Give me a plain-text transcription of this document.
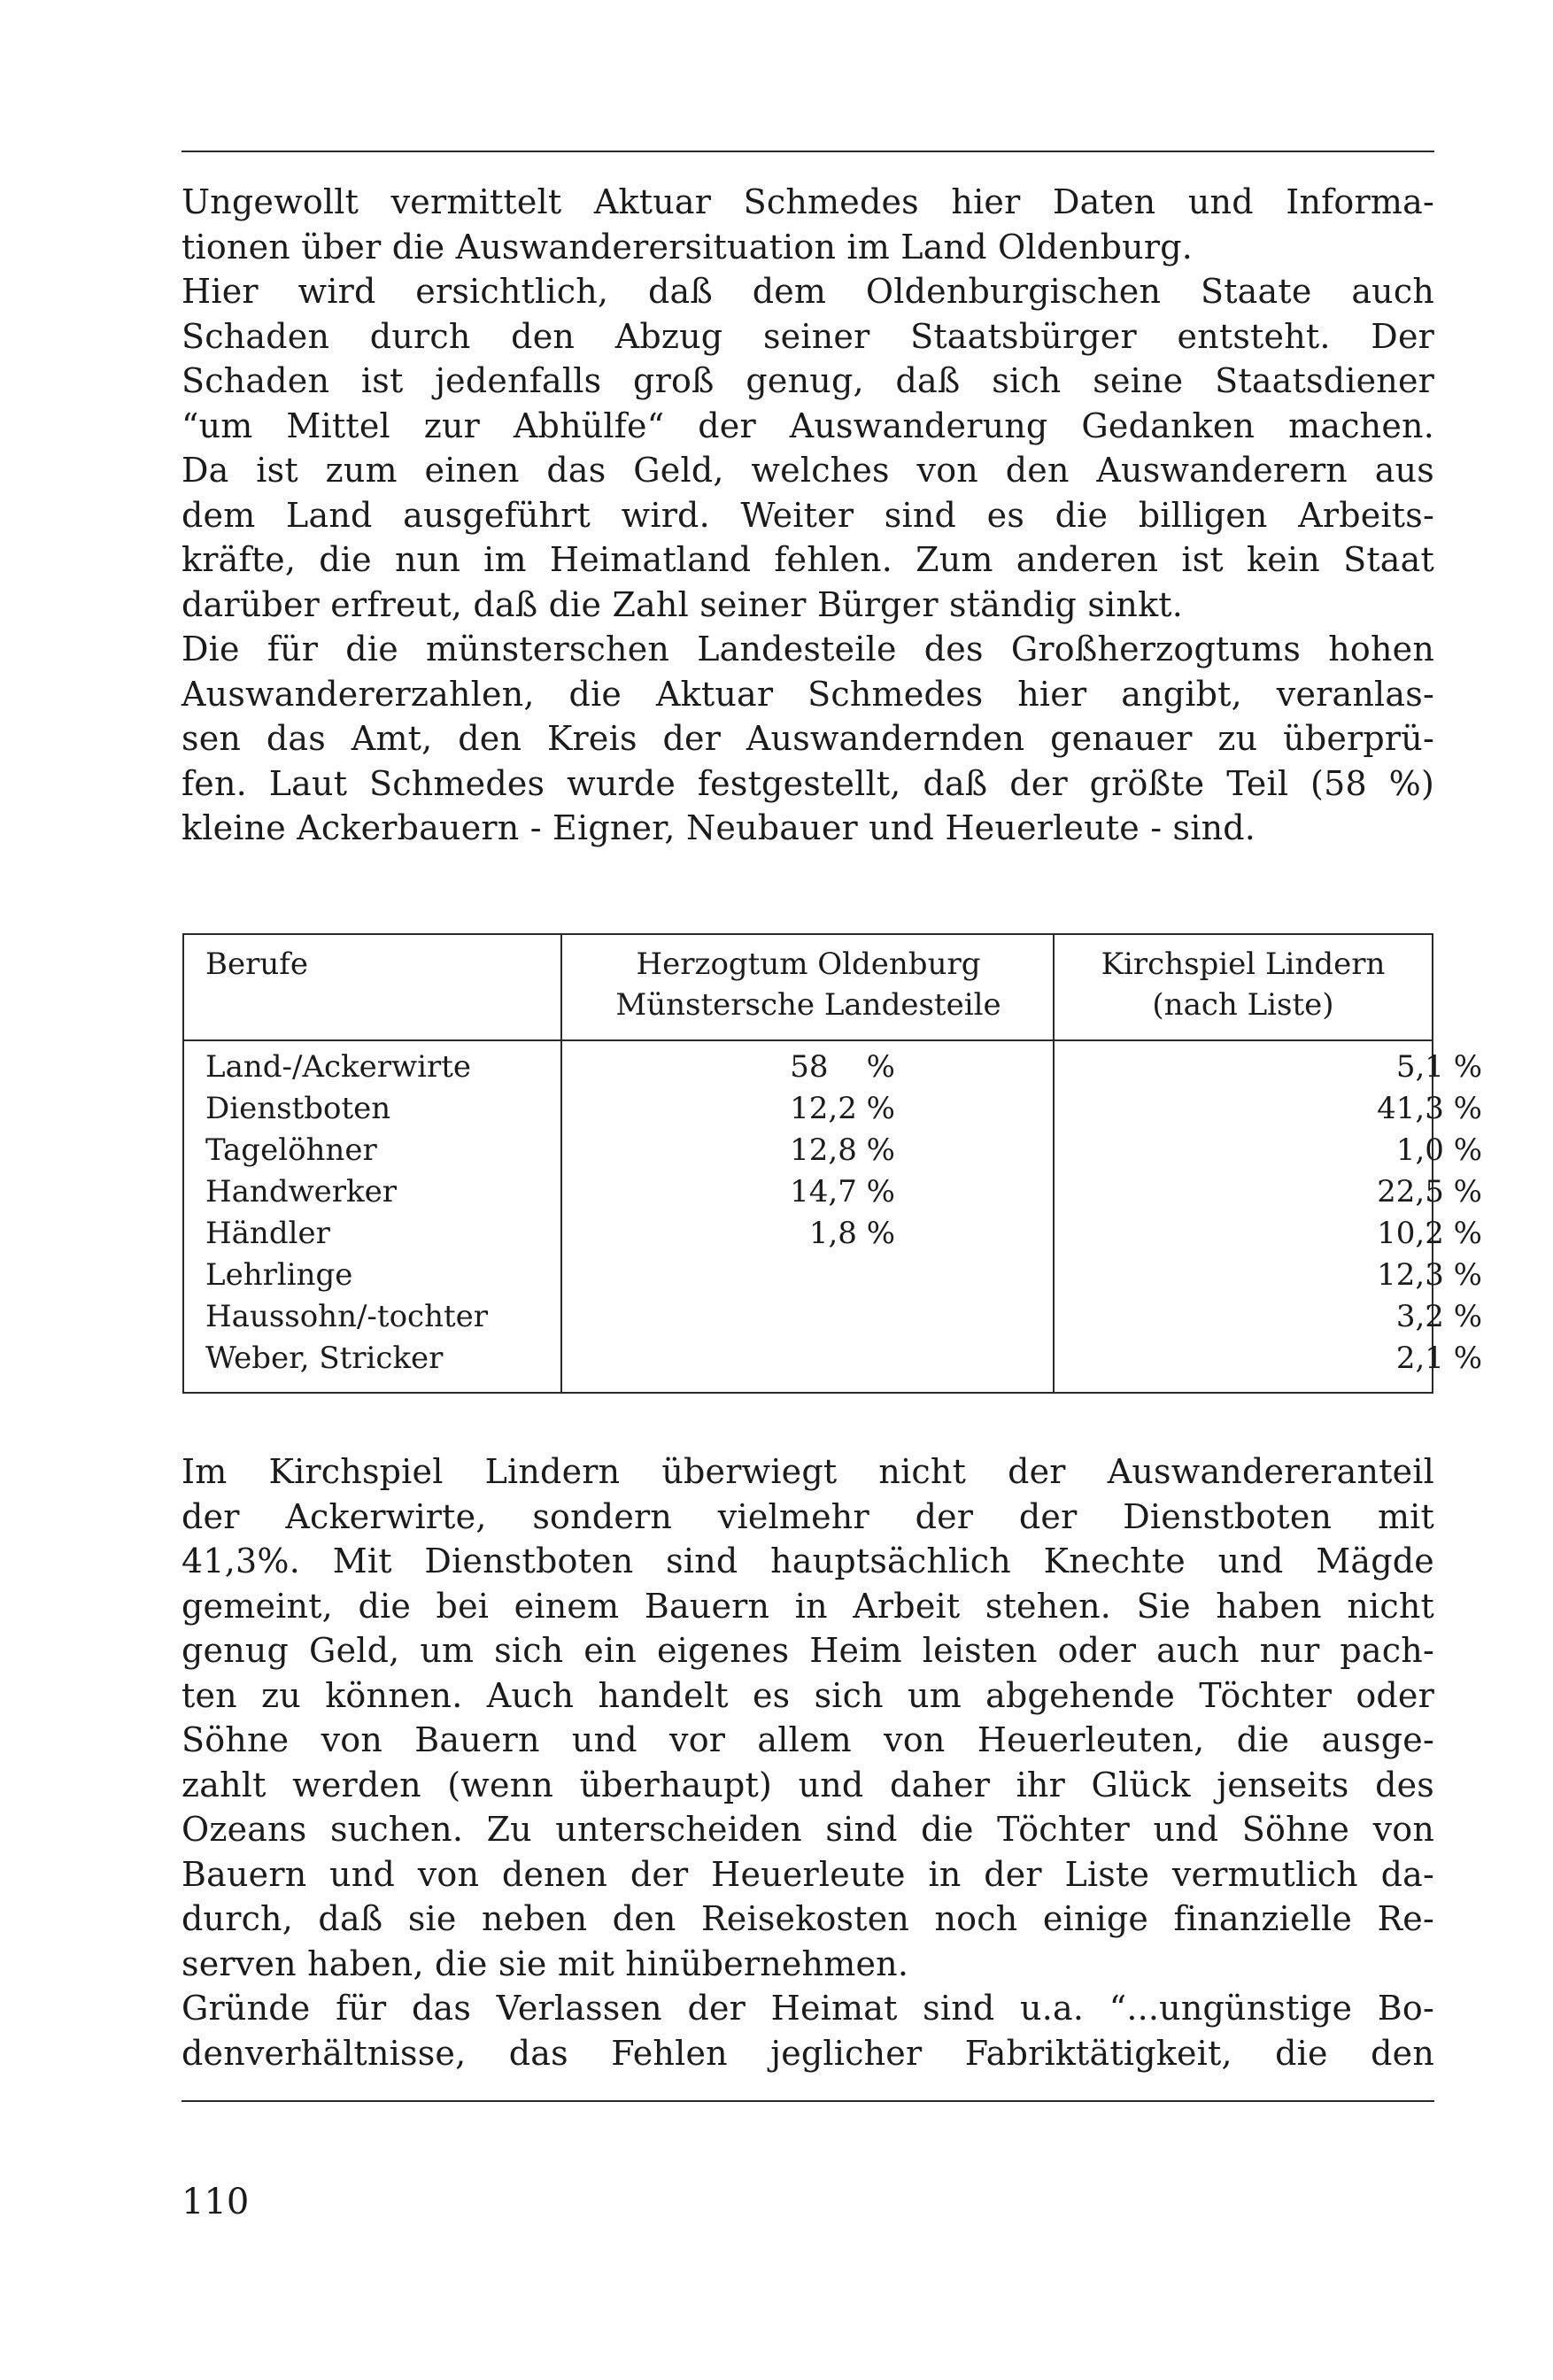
Ungewollt vermittelt Aktuar Schmedes hier Daten und Informa-
tionen über die Auswanderersituation im Land Oldenburg.
Hier wird ersichtlich, daß dem Oldenburgischen Staate auch
Schaden durch den Abzug seiner Staatsbürger entsteht. Der
Schaden ist jedenfalls groß genug, daß sich seine Staatsdiener
“um Mittel zur Abhülfe“ der Auswanderung Gedanken machen.
Da ist zum einen das Geld, welches von den Auswanderern aus
dem Land ausgeführt wird. Weiter sind es die billigen Arbeits-
kräfte, die nun im Heimatland fehlen. Zum anderen ist kein Staat
darüber erfreut, daß die Zahl seiner Bürger ständig sinkt.
Die für die münsterschen Landesteile des Großherzogtums hohen
Auswandererzahlen, die Aktuar Schmedes hier angibt, veranlas-
sen das Amt, den Kreis der Auswandernden genauer zu überprü-
fen. Laut Schmedes wurde festgestellt, daß der größte Teil (58 %)
kleine Ackerbauern - Eigner, Neubauer und Heuerleute - sind.
Berufe
Land-/Ackerwirte
Dienstboten
Tagelöhner
Handwerker
Händler
Lehrlinge
Haussohn/-tochter
Weber, Stricker
Herzogtum Oldenburg
Münstersche Landesteile
58    %
12,2 %
12,8 %
14,7 %
1,8 %
Kirchspiel Lindern
(nach Liste)
5,1 %
41,3 %
1,0 %
22,5 %
10,2 %
12,3 %
3,2 %
2,1 %
Im Kirchspiel Lindern überwiegt nicht der Auswandereranteil
der Ackerwirte, sondern vielmehr der der Dienstboten mit
41,3%. Mit Dienstboten sind hauptsächlich Knechte und Mägde
gemeint, die bei einem Bauern in Arbeit stehen. Sie haben nicht
genug Geld, um sich ein eigenes Heim leisten oder auch nur pach-
ten zu können. Auch handelt es sich um abgehende Töchter oder
Söhne von Bauern und vor allem von Heuerleuten, die ausge-
zahlt werden (wenn überhaupt) und daher ihr Glück jenseits des
Ozeans suchen. Zu unterscheiden sind die Töchter und Söhne von
Bauern und von denen der Heuerleute in der Liste vermutlich da-
durch, daß sie neben den Reisekosten noch einige finanzielle Re-
serven haben, die sie mit hinübernehmen.
Gründe für das Verlassen der Heimat sind u.a. “...ungünstige Bo-
denverhältnisse, das Fehlen jeglicher Fabriktätigkeit, die den
110
